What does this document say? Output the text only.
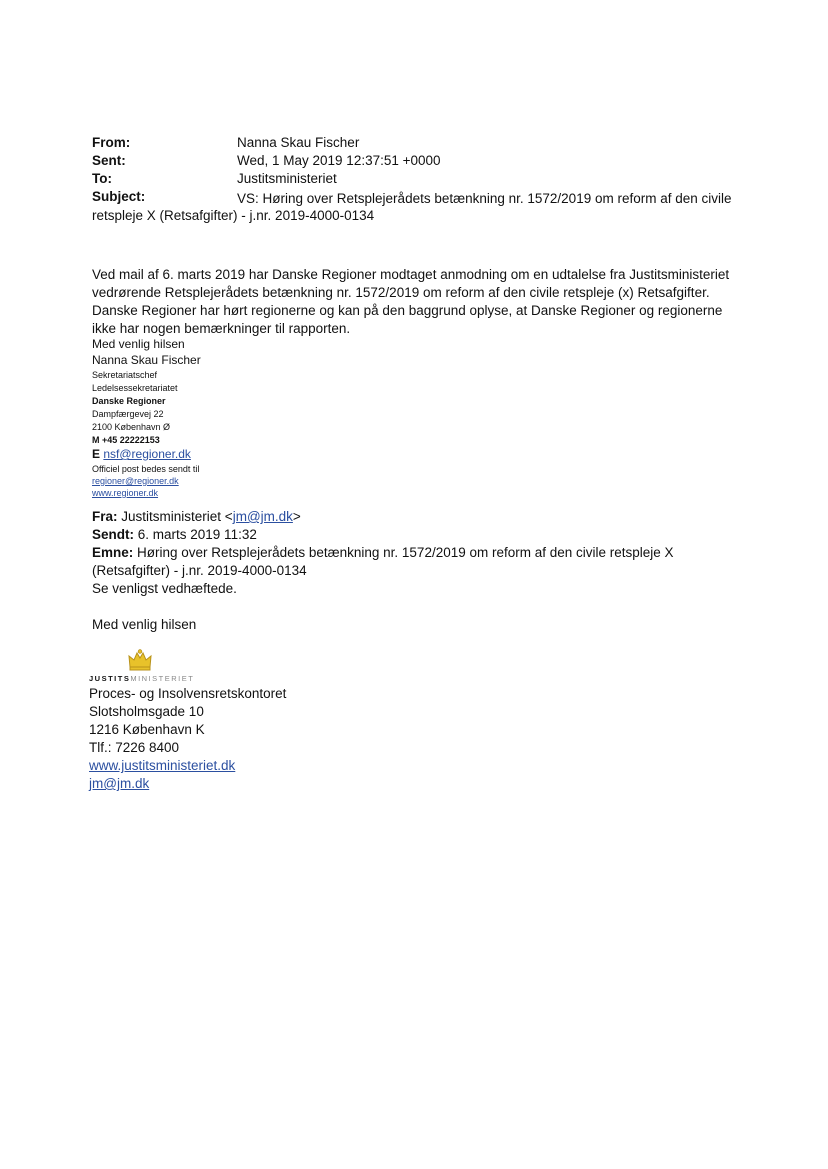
From:	Nanna Skau Fischer
Sent:	Wed, 1 May 2019 12:37:51 +0000
To:	Justitsministeriet
Subject:	VS: Høring over Retsplejerådets betænkning nr. 1572/2019 om reform af den civile
retspleje X (Retsafgifter) - j.nr. 2019-4000-0134
Ved mail af 6. marts 2019 har Danske Regioner modtaget anmodning om en udtalelse fra Justitsministeriet
vedrørende Retsplejerådets betænkning nr. 1572/2019 om reform af den civile retspleje (x) Retsafgifter.
Danske Regioner har hørt regionerne og kan på den baggrund oplyse, at Danske Regioner og regionerne
ikke har nogen bemærkninger til rapporten.
Med venlig hilsen
Nanna Skau Fischer
Sekretariatschef
Ledelsessekretariatet
Danske Regioner
Dampfærgevej 22
2100 København Ø
M +45 22222153
E nsf@regioner.dk
Officiel post bedes sendt til
regioner@regioner.dk
www.regioner.dk
Fra: Justitsministeriet <jm@jm.dk>
Sendt: 6. marts 2019 11:32
Emne: Høring over Retsplejerådets betænkning nr. 1572/2019 om reform af den civile retspleje X
(Retsafgifter) - j.nr. 2019-4000-0134
Se venligst vedhæftede.
Med venlig hilsen
JUSTITSMINISTERIET
Proces- og Insolvensretskontoret
Slotsholmsgade 10
1216 København K
Tlf.: 7226 8400
www.justitsministeriet.dk
jm@jm.dk
